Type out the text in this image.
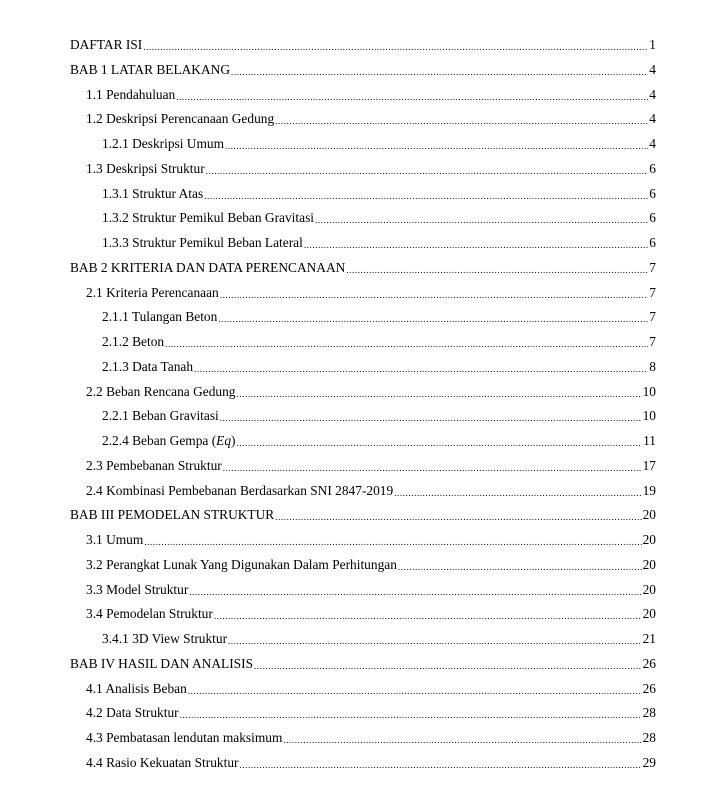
DAFTAR ISI .....	1
BAB 1 LATAR BELAKANG .....	4
1.1 Pendahuluan .....	4
1.2 Deskripsi Perencanaan Gedung .....	4
1.2.1 Deskripsi Umum .....	4
1.3 Deskripsi Struktur .....	6
1.3.1 Struktur Atas .....	6
1.3.2 Struktur Pemikul Beban Gravitasi .....	6
1.3.3 Struktur Pemikul Beban Lateral .....	6
BAB 2 KRITERIA DAN DATA PERENCANAAN .....	7
2.1 Kriteria Perencanaan .....	7
2.1.1 Tulangan Beton .....	7
2.1.2 Beton .....	7
2.1.3 Data Tanah .....	8
2.2 Beban Rencana Gedung .....	10
2.2.1 Beban Gravitasi .....	10
2.2.4 Beban Gempa (Eq) .....	11
2.3 Pembebanan Struktur .....	17
2.4 Kombinasi Pembebanan Berdasarkan SNI 2847-2019 .....	19
BAB III PEMODELAN STRUKTUR .....	20
3.1 Umum .....	20
3.2 Perangkat Lunak Yang Digunakan Dalam Perhitungan .....	20
3.3 Model Struktur .....	20
3.4 Pemodelan Struktur .....	20
3.4.1 3D View Struktur .....	21
BAB IV HASIL DAN ANALISIS .....	26
4.1 Analisis Beban .....	26
4.2 Data Struktur .....	28
4.3 Pembatasan lendutan maksimum .....	28
4.4 Rasio Kekuatan Struktur .....	29
